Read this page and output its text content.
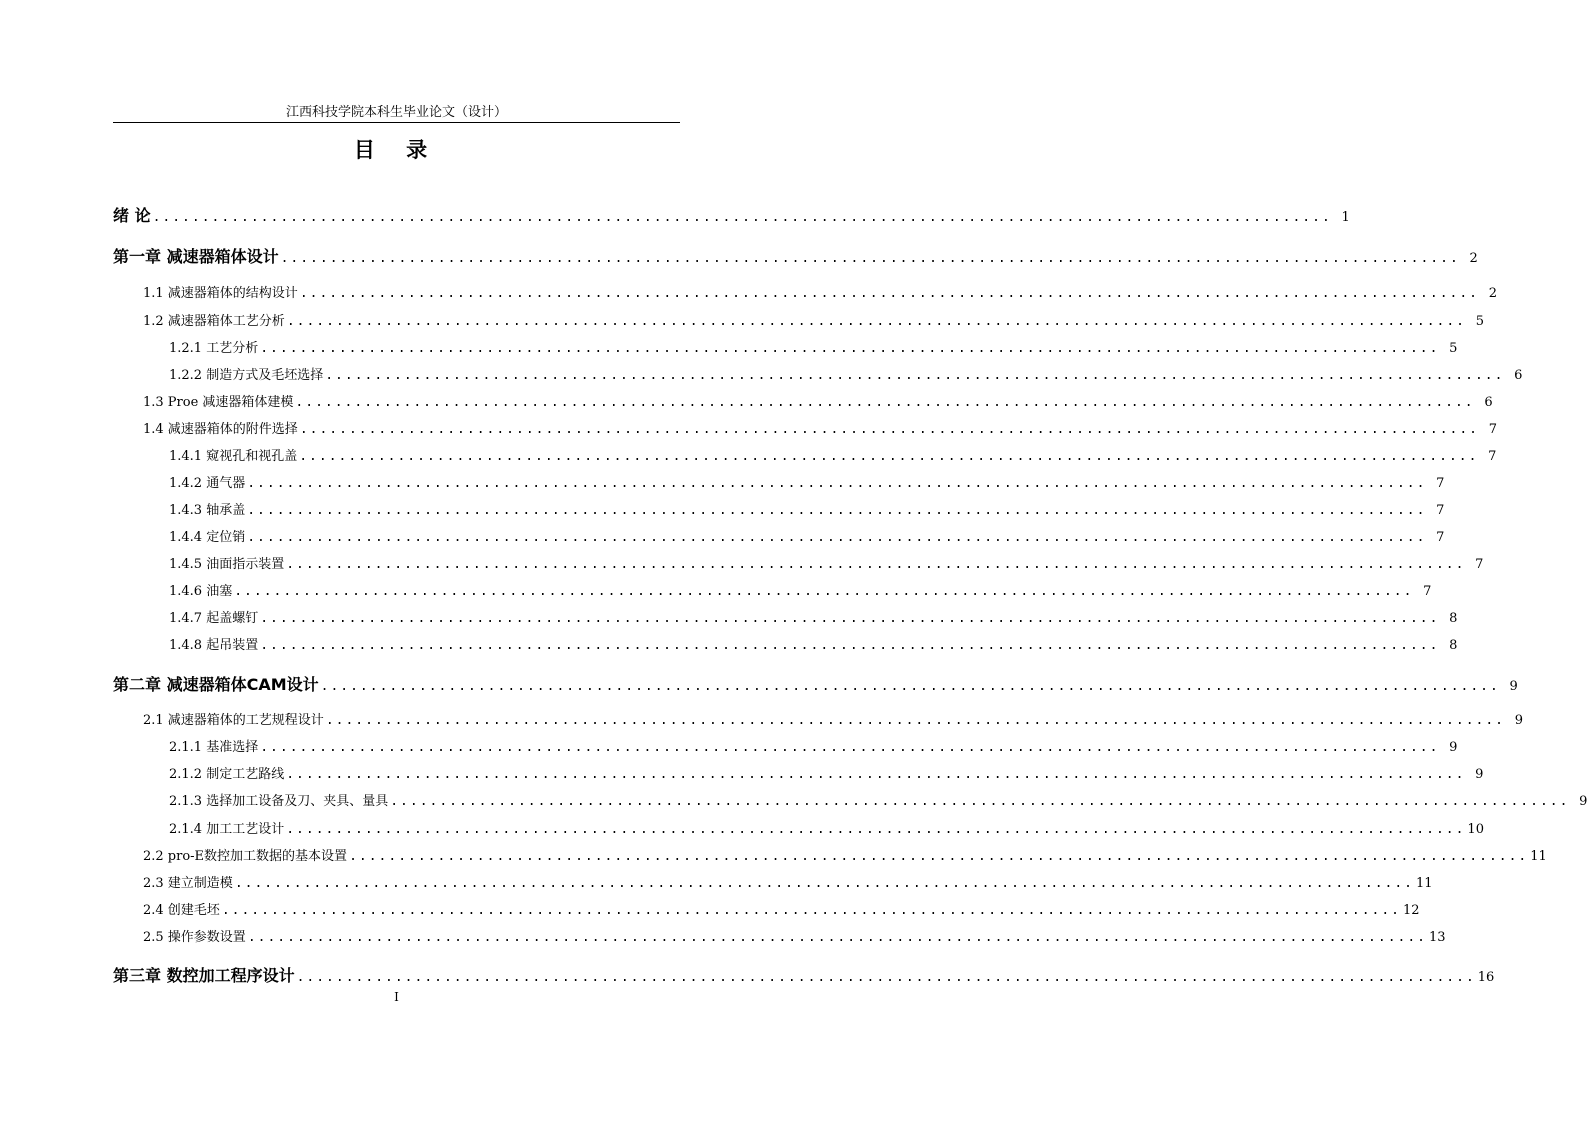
江西科技学院本科生毕业论文（设计）
目 录
绪 论 ........................................................................................................................ 1
第一章 减速器箱体设计 ........................................................................................................................ 2
1.1 减速器箱体的结构设计 ........................................................................................................................ 2
1.2 减速器箱体工艺分析 ........................................................................................................................ 5
1.2.1 工艺分析 ........................................................................................................................ 5
1.2.2 制造方式及毛坯选择 ........................................................................................................................ 6
1.3 Proe 减速器箱体建模 ........................................................................................................................ 6
1.4 减速器箱体的附件选择 ........................................................................................................................ 7
1.4.1 窥视孔和视孔盖 ........................................................................................................................ 7
1.4.2 通气器 ........................................................................................................................ 7
1.4.3 轴承盖 ........................................................................................................................ 7
1.4.4 定位销 ........................................................................................................................ 7
1.4.5 油面指示装置 ........................................................................................................................ 7
1.4.6 油塞 ........................................................................................................................ 7
1.4.7 起盖螺钉 ........................................................................................................................ 8
1.4.8 起吊装置 ........................................................................................................................ 8
第二章 减速器箱体CAM设计 ........................................................................................................................ 9
2.1 减速器箱体的工艺规程设计 ........................................................................................................................ 9
2.1.1 基准选择 ........................................................................................................................ 9
2.1.2 制定工艺路线 ........................................................................................................................ 9
2.1.3 选择加工设备及刀、夹具、量具 ........................................................................................................................ 9
2.1.4 加工工艺设计 ........................................................................................................................ 10
2.2 pro-E数控加工数据的基本设置 ........................................................................................................................ 11
2.3 建立制造模 ........................................................................................................................ 11
2.4 创建毛坯 ........................................................................................................................ 12
2.5 操作参数设置 ........................................................................................................................ 13
第三章 数控加工程序设计 ........................................................................................................................ 16
I
